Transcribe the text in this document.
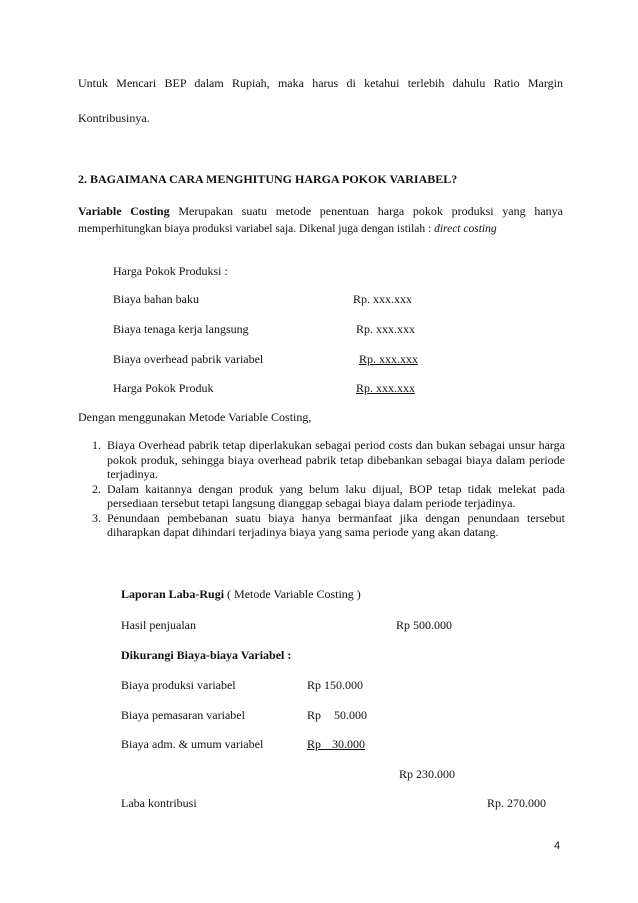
Untuk Mencari BEP dalam Rupiah, maka harus di ketahui terlebih dahulu Ratio Margin
Kontribusinya.
2. BAGAIMANA CARA MENGHITUNG HARGA POKOK VARIABEL?
Variable Costing Merupakan suatu metode penentuan harga pokok produksi yang hanya
memperhitungkan biaya produksi variabel saja. Dikenal juga dengan istilah : direct costing
Harga Pokok Produksi :
Biaya bahan baku	Rp. xxx.xxx
Biaya tenaga kerja langsung	Rp. xxx.xxx
Biaya overhead pabrik variabel	Rp. xxx.xxx
Harga Pokok Produk	Rp. xxx.xxx
Dengan menggunakan Metode Variable Costing,
1. Biaya Overhead pabrik tetap diperlakukan sebagai period costs dan bukan sebagai unsur harga pokok produk, sehingga biaya overhead pabrik tetap dibebankan sebagai biaya dalam periode terjadinya.
2. Dalam kaitannya dengan produk yang belum laku dijual, BOP tetap tidak melekat pada persediaan tersebut tetapi langsung dianggap sebagai biaya dalam periode terjadinya.
3. Penundaan pembebanan suatu biaya hanya bermanfaat jika dengan penundaan tersebut diharapkan dapat dihindari terjadinya biaya yang sama periode yang akan datang.
Laporan Laba-Rugi ( Metode Variable Costing )
Hasil penjualan	Rp 500.000
Dikurangi Biaya-biaya Variabel :
Biaya produksi variabel	Rp 150.000
Biaya pemasaran variabel	Rp 50.000
Biaya adm. & umum variabel	Rp 30.000
Rp 230.000
Laba kontribusi	Rp. 270.000
4
